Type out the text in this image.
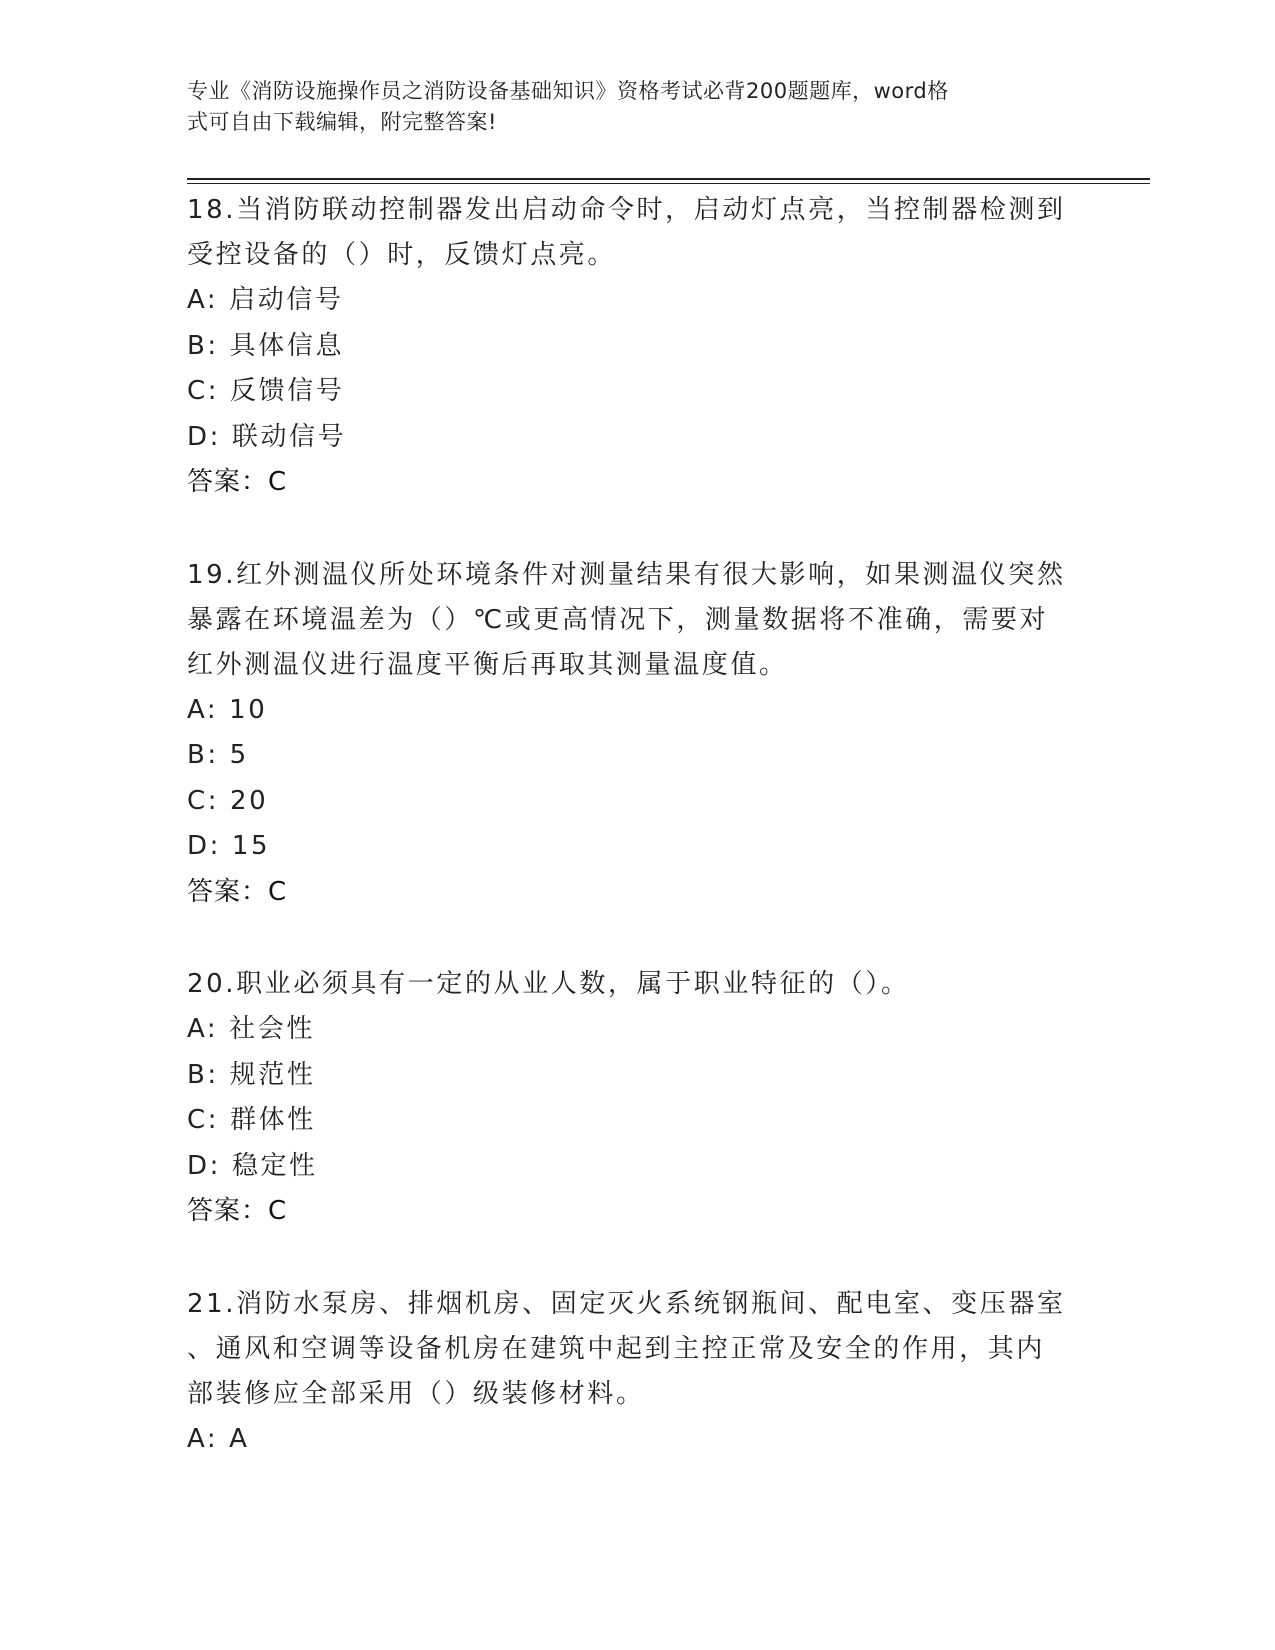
专业《消防设施操作员之消防设备基础知识》资格考试必背200题题库，word格
式可自由下载编辑，附完整答案!
18.当消防联动控制器发出启动命令时，启动灯点亮，当控制器检测到
受控设备的（）时，反馈灯点亮。
A: 启动信号
B: 具体信息
C: 反馈信号
D: 联动信号
答案：C
19.红外测温仪所处环境条件对测量结果有很大影响，如果测温仪突然
暴露在环境温差为（）℃或更高情况下，测量数据将不准确，需要对
红外测温仪进行温度平衡后再取其测量温度值。
A: 10
B: 5
C: 20
D: 15
答案：C
20.职业必须具有一定的从业人数，属于职业特征的（）。
A: 社会性
B: 规范性
C: 群体性
D: 稳定性
答案：C
21.消防水泵房、排烟机房、固定灭火系统钢瓶间、配电室、变压器室
、通风和空调等设备机房在建筑中起到主控正常及安全的作用，其内
部装修应全部采用（）级装修材料。
A: A
